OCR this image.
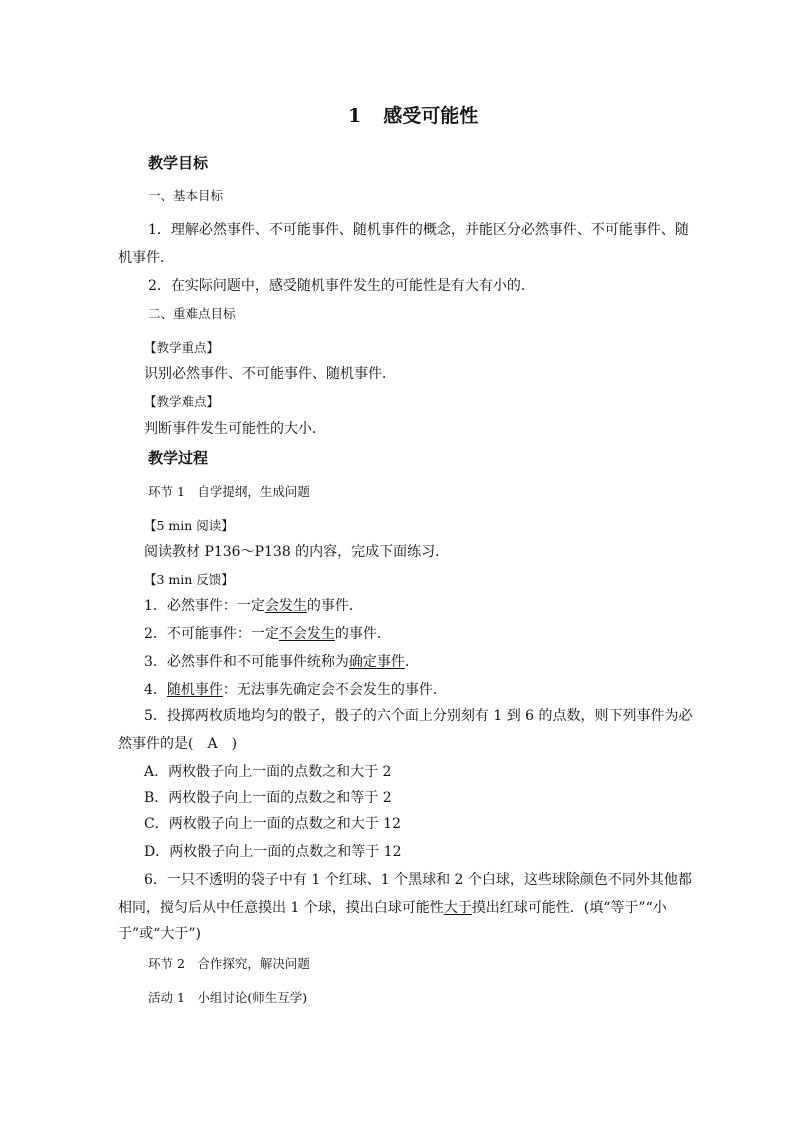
1 感受可能性
教学目标
一、基本目标
1．理解必然事件、不可能事件、随机事件的概念，并能区分必然事件、不可能事件、随
机事件．
2．在实际问题中，感受随机事件发生的可能性是有大有小的．
二、重难点目标
【教学重点】
识别必然事件、不可能事件、随机事件．
【教学难点】
判断事件发生可能性的大小．
教学过程
环节 1　自学提纲，生成问题
【5 min 阅读】
阅读教材 P136～P138 的内容，完成下面练习．
【3 min 反馈】
1．必然事件：一定会发生的事件．
2．不可能事件：一定不会发生的事件．
3．必然事件和不可能事件统称为确定事件.
4．随机事件：无法事先确定会不会发生的事件．
5．投掷两枚质地均匀的骰子，骰子的六个面上分别刻有 1 到 6 的点数，则下列事件为必
然事件的是(　A　)
A．两枚骰子向上一面的点数之和大于 2
B．两枚骰子向上一面的点数之和等于 2
C．两枚骰子向上一面的点数之和大于 12
D．两枚骰子向上一面的点数之和等于 12
6．一只不透明的袋子中有 1 个红球、1 个黑球和 2 个白球，这些球除颜色不同外其他都
相同，搅匀后从中任意摸出 1 个球，摸出白球可能性大于摸出红球可能性．(填“等于”“小
于”或“大于”)
环节 2　合作探究，解决问题
活动 1　小组讨论(师生互学)
